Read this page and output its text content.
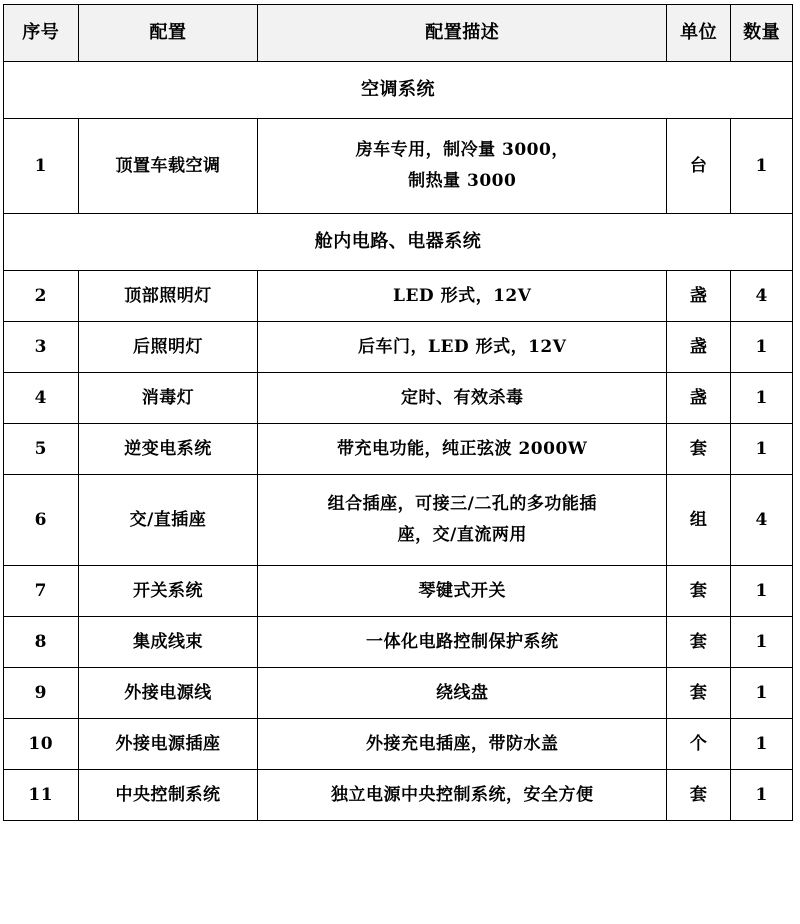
序号	配置	配置描述	单位	数量
空调系统				
1	顶置车载空调	房车专用，制冷量 3000，
制热量 3000	台	1
舱内电路、电器系统				
2	顶部照明灯	LED 形式，12V	盏	4
3	后照明灯	后车门，LED 形式，12V	盏	1
4	消毒灯	定时、有效杀毒	盏	1
5	逆变电系统	带充电功能，纯正弦波 2000W	套	1
6	交/直插座	组合插座，可接三/二孔的多功能插
座，交/直流两用	组	4
7	开关系统	琴键式开关	套	1
8	集成线束	一体化电路控制保护系统	套	1
9	外接电源线	绕线盘	套	1
10	外接电源插座	外接充电插座，带防水盖	个	1
11	中央控制系统	独立电源中央控制系统，安全方便	套	1
